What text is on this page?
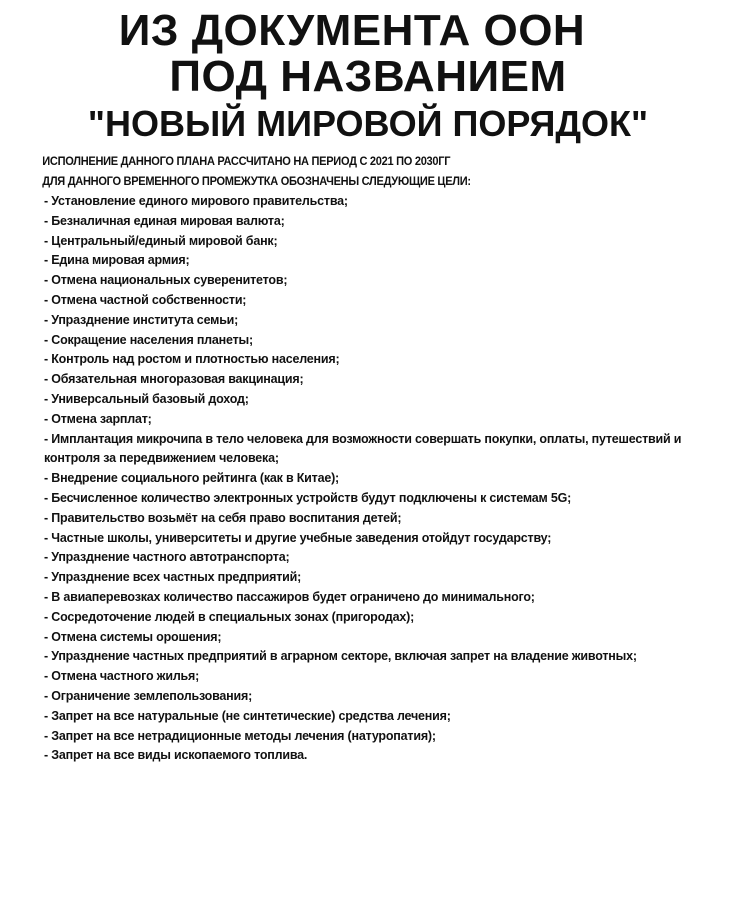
ИЗ ДОКУМЕНТА ООН
ПОД НАЗВАНИЕМ
"НОВЫЙ МИРОВОЙ ПОРЯДОК"
ИСПОЛНЕНИЕ ДАННОГО ПЛАНА РАССЧИТАНО НА ПЕРИОД С 2021 ПО 2030ГГ
ДЛЯ ДАННОГО ВРЕМЕННОГО ПРОМЕЖУТКА ОБОЗНАЧЕНЫ СЛЕДУЮЩИЕ ЦЕЛИ:
- Установление единого мирового правительства;
- Безналичная единая мировая валюта;
- Центральный/единый мировой банк;
- Едина мировая армия;
- Отмена национальных суверенитетов;
- Отмена частной собственности;
- Упразднение института семьи;
- Сокращение населения планеты;
- Контроль над ростом и плотностью населения;
- Обязательная многоразовая вакцинация;
- Универсальный базовый доход;
- Отмена зарплат;
- Имплантация микрочипа в тело человека для возможности совершать покупки, оплаты, путешествий и контроля за передвижением человека;
- Внедрение социального рейтинга (как в Китае);
- Бесчисленное количество электронных устройств будут подключены к системам 5G;
- Правительство возьмёт на себя право воспитания детей;
- Частные школы, университеты и другие учебные заведения отойдут государству;
- Упразднение частного автотранспорта;
- Упразднение всех частных предприятий;
- В авиаперевозках количество пассажиров будет ограничено до минимального;
- Сосредоточение людей в специальных зонах (пригородах);
- Отмена системы орошения;
- Упразднение частных предприятий в аграрном секторе, включая запрет на владение животных;
- Отмена частного жилья;
- Ограничение землепользования;
- Запрет на все натуральные (не синтетические) средства лечения;
- Запрет на все нетрадиционные методы лечения (натуропатия);
- Запрет на все виды ископаемого топлива.
